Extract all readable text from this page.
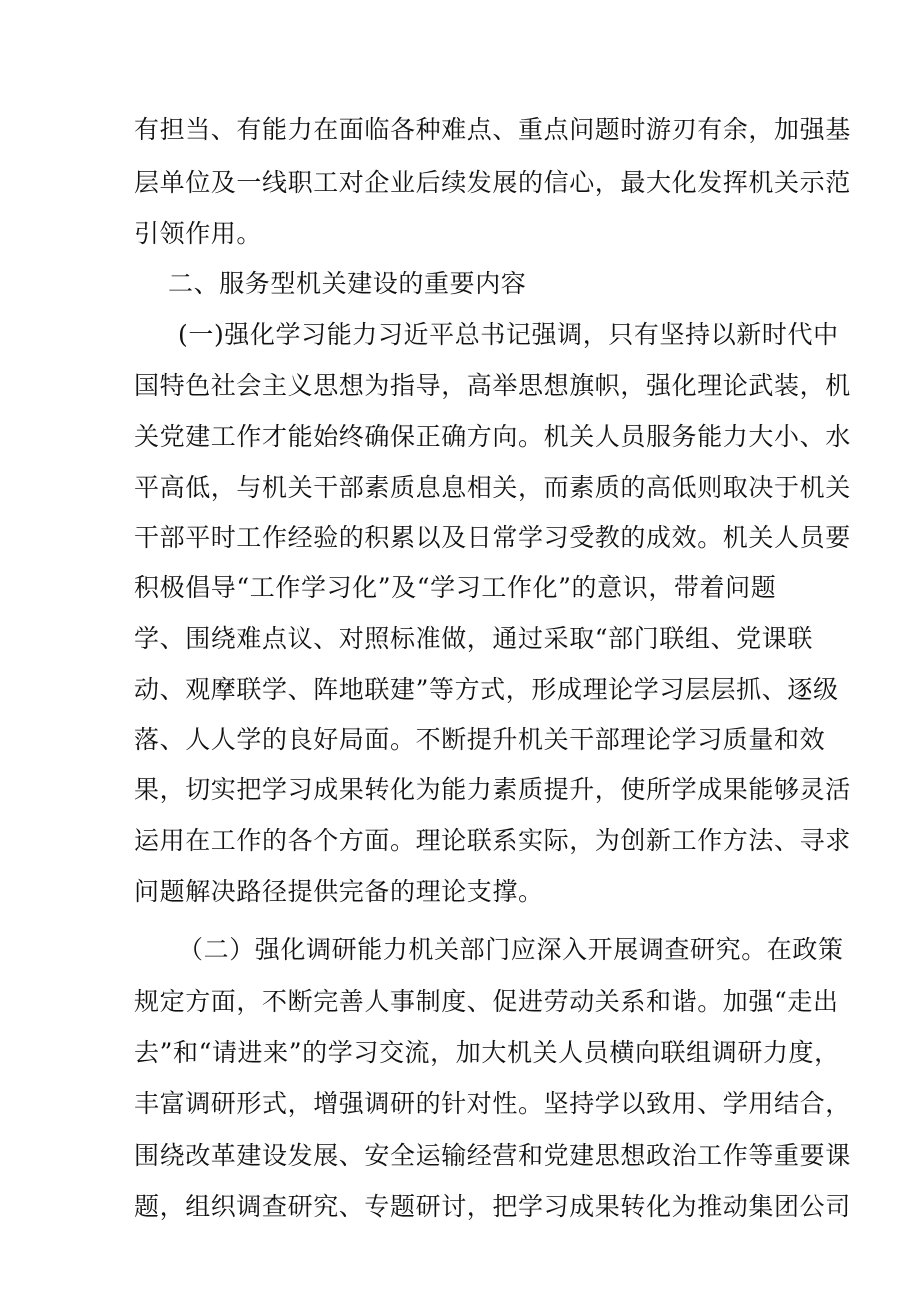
有担当、有能力在面临各种难点、重点问题时游刃有余，加强基
层单位及一线职工对企业后续发展的信心，最大化发挥机关示范
引领作用。
二、服务型机关建设的重要内容
(一)强化学习能力习近平总书记强调，只有坚持以新时代中
国特色社会主义思想为指导，高举思想旗帜，强化理论武装，机
关党建工作才能始终确保正确方向。机关人员服务能力大小、水
平高低，与机关干部素质息息相关，而素质的高低则取决于机关
干部平时工作经验的积累以及日常学习受教的成效。机关人员要
积极倡导“工作学习化”及“学习工作化”的意识，带着问题
学、围绕难点议、对照标准做，通过采取“部门联组、党课联
动、观摩联学、阵地联建”等方式，形成理论学习层层抓、逐级
落、人人学的良好局面。不断提升机关干部理论学习质量和效
果，切实把学习成果转化为能力素质提升，使所学成果能够灵活
运用在工作的各个方面。理论联系实际，为创新工作方法、寻求
问题解决路径提供完备的理论支撑。
（二）强化调研能力机关部门应深入开展调查研究。在政策
规定方面，不断完善人事制度、促进劳动关系和谐。加强“走出
去”和“请进来”的学习交流，加大机关人员横向联组调研力度，
丰富调研形式，增强调研的针对性。坚持学以致用、学用结合，
围绕改革建设发展、安全运输经营和党建思想政治工作等重要课
题，组织调查研究、专题研讨，把学习成果转化为推动集团公司
